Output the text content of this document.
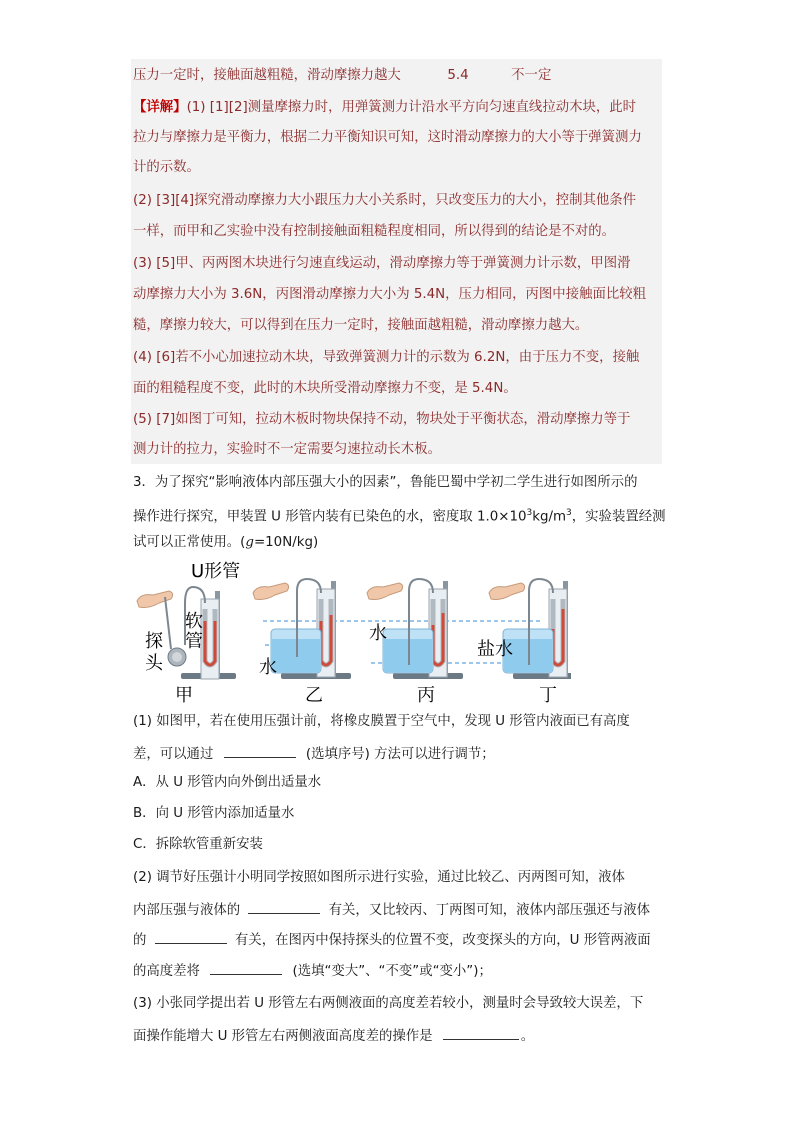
压力一定时，接触面越粗糙，滑动摩擦力越大	5.4	不一定
【详解】(1) [1][2]测量摩擦力时，用弹簧测力计沿水平方向匀速直线拉动木块，此时
拉力与摩擦力是平衡力，根据二力平衡知识可知，这时滑动摩擦力的大小等于弹簧测力
计的示数。
(2) [3][4]探究滑动摩擦力大小跟压力大小关系时，只改变压力的大小，控制其他条件
一样，而甲和乙实验中没有控制接触面粗糙程度相同，所以得到的结论是不对的。
(3) [5]甲、丙两图木块进行匀速直线运动，滑动摩擦力等于弹簧测力计示数，甲图滑
动摩擦力大小为 3.6N，丙图滑动摩擦力大小为 5.4N，压力相同，丙图中接触面比较粗
糙，摩擦力较大，可以得到在压力一定时，接触面越粗糙，滑动摩擦力越大。
(4) [6]若不小心加速拉动木块，导致弹簧测力计的示数为 6.2N，由于压力不变，接触
面的粗糙程度不变，此时的木块所受滑动摩擦力不变，是 5.4N。
(5) [7]如图丁可知，拉动木板时物块保持不动，物块处于平衡状态，滑动摩擦力等于
测力计的拉力，实验时不一定需要匀速拉动长木板。
3．为了探究“影响液体内部压强大小的因素”，鲁能巴蜀中学初二学生进行如图所示的
操作进行探究，甲装置 U 形管内装有已染色的水，密度取 $1.0\times 10^3kg/m^3$，实验装置经测
试可以正常使用。(g=10N/kg)
U形管
软
管
探
头	水
水
盐水
甲	乙	丙	丁
(1) 如图甲，若在使用压强计前，将橡皮膜置于空气中，发现 U 形管内液面已有高度
差，可以通过	(选填序号) 方法可以进行调节；
A．从 U 形管内向外倒出适量水
B．向 U 形管内添加适量水
C．拆除软管重新安装
(2) 调节好压强计小明同学按照如图所示进行实验，通过比较乙、丙两图可知，液体
内部压强与液体的	有关，又比较丙、丁两图可知，液体内部压强还与液体
的	有关，在图丙中保持探头的位置不变，改变探头的方向，U 形管两液面
的高度差将	(选填“变大”、“不变”或“变小”)；
(3) 小张同学提出若 U 形管左右两侧液面的高度差若较小，测量时会导致较大误差，下
面操作能增大 U 形管左右两侧液面高度差的操作是	。
